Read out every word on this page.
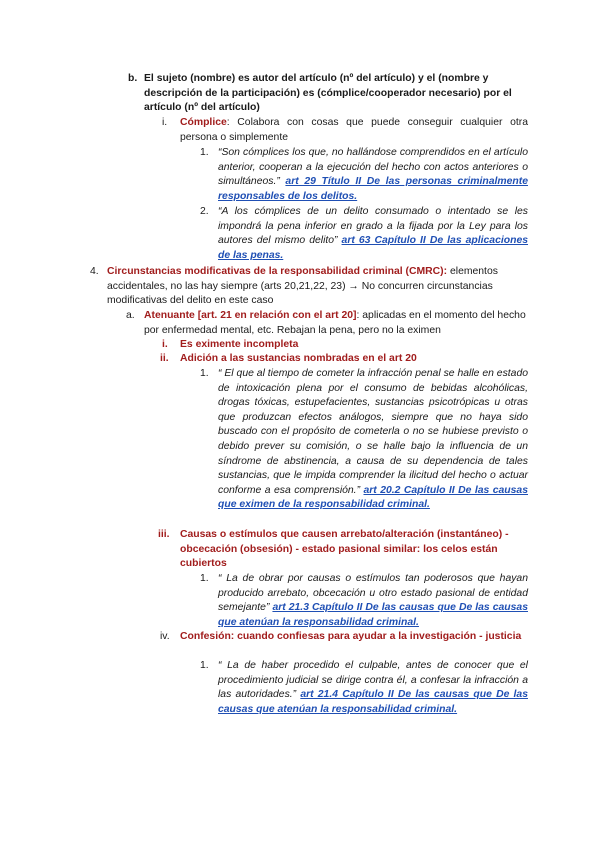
b. El sujeto (nombre) es autor del artículo (nº del artículo) y el (nombre y descripción de la participación) es (cómplice/cooperador necesario) por el artículo (nº del artículo)
i. Cómplice: Colabora con cosas que puede conseguir cualquier otra persona o simplemente
1. “Son cómplices los que, no hallándose comprendidos en el artículo anterior, cooperan a la ejecución del hecho con actos anteriores o simultáneos.” art 29 Título II De las personas criminalmente responsables de los delitos.
2. “A los cómplices de un delito consumado o intentado se les impondrá la pena inferior en grado a la fijada por la Ley para los autores del mismo delito” art 63 Capítulo II De las aplicaciones de las penas.
4. Circunstancias modificativas de la responsabilidad criminal (CMRC): elementos accidentales, no las hay siempre (arts 20,21,22, 23) → No concurren circunstancias modificativas del delito en este caso
a. Atenuante [art. 21 en relación con el art 20]: aplicadas en el momento del hecho por enfermedad mental, etc. Rebajan la pena, pero no la eximen
i. Es eximente incompleta
ii. Adición a las sustancias nombradas en el art 20
1. “ El que al tiempo de cometer la infracción penal se halle en estado de intoxicación plena por el consumo de bebidas alcohólicas, drogas tóxicas, estupefacientes, sustancias psicotrópicas u otras que produzcan efectos análogos, siempre que no haya sido buscado con el propósito de cometerla o no se hubiese previsto o debido prever su comisión, o se halle bajo la influencia de un síndrome de abstinencia, a causa de su dependencia de tales sustancias, que le impida comprender la ilicitud del hecho o actuar conforme a esa comprensión.” art 20.2 Capítulo II De las causas que eximen de la responsabilidad criminal.
iii. Causas o estímulos que causen arrebato/alteración (instantáneo) -obcecación (obsesión) - estado pasional similar: los celos están cubiertos
1. “ La de obrar por causas o estímulos tan poderosos que hayan producido arrebato, obcecación u otro estado pasional de entidad semejante” art 21.3 Capítulo II De las causas que De las causas que atenúan la responsabilidad criminal.
iv. Confesión: cuando confiesas para ayudar a la investigación - justicia
1. “ La de haber procedido el culpable, antes de conocer que el procedimiento judicial se dirige contra él, a confesar la infracción a las autoridades.” art 21.4 Capítulo II De las causas que De las causas que atenúan la responsabilidad criminal.
